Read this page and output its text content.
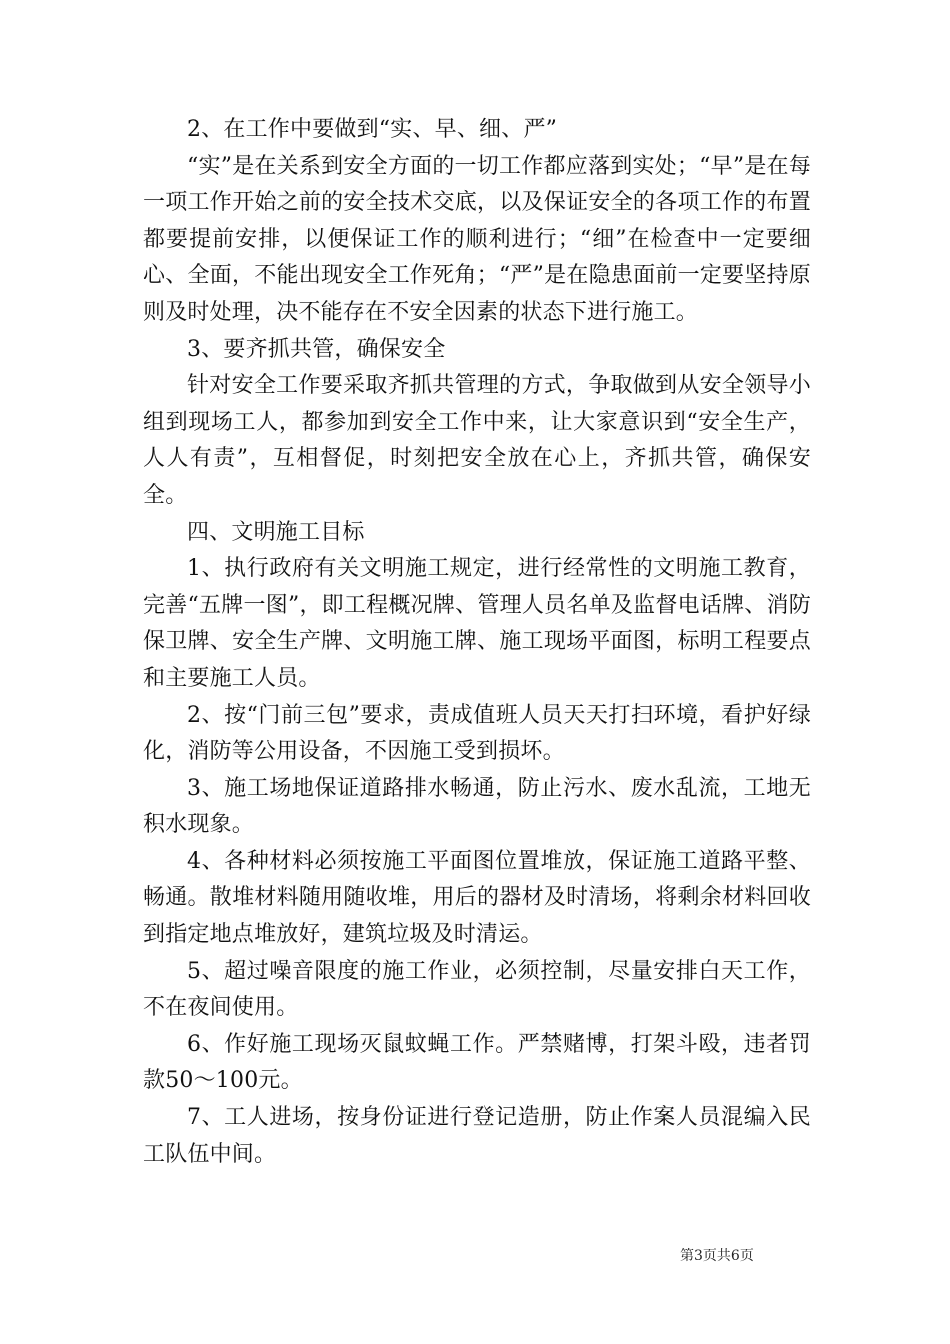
2、在工作中要做到“实、早、细、严”

“实”是在关系到安全方面的一切工作都应落到实处；“早”是在每一项工作开始之前的安全技术交底，以及保证安全的各项工作的布置都要提前安排，以便保证工作的顺利进行；“细”在检查中一定要细心、全面，不能出现安全工作死角；“严”是在隐患面前一定要坚持原则及时处理，决不能存在不安全因素的状态下进行施工。

3、要齐抓共管，确保安全

针对安全工作要采取齐抓共管理的方式，争取做到从安全领导小组到现场工人，都参加到安全工作中来，让大家意识到“安全生产，人人有责”，互相督促，时刻把安全放在心上，齐抓共管，确保安全。

四、文明施工目标

1、执行政府有关文明施工规定，进行经常性的文明施工教育，完善“五牌一图”，即工程概况牌、管理人员名单及监督电话牌、消防保卫牌、安全生产牌、文明施工牌、施工现场平面图，标明工程要点和主要施工人员。

2、按“门前三包”要求，责成值班人员天天打扫环境，看护好绿化，消防等公用设备，不因施工受到损坏。

3、施工场地保证道路排水畅通，防止污水、废水乱流，工地无积水现象。

4、各种材料必须按施工平面图位置堆放，保证施工道路平整、畅通。散堆材料随用随收堆，用后的器材及时清场，将剩余材料回收到指定地点堆放好，建筑垃圾及时清运。

5、超过噪音限度的施工作业，必须控制，尽量安排白天工作，不在夜间使用。

6、作好施工现场灭鼠蚊蝇工作。严禁赌博，打架斗殴，违者罚款50～100元。

7、工人进场，按身份证进行登记造册，防止作案人员混编入民工队伍中间。

第3页共6页
